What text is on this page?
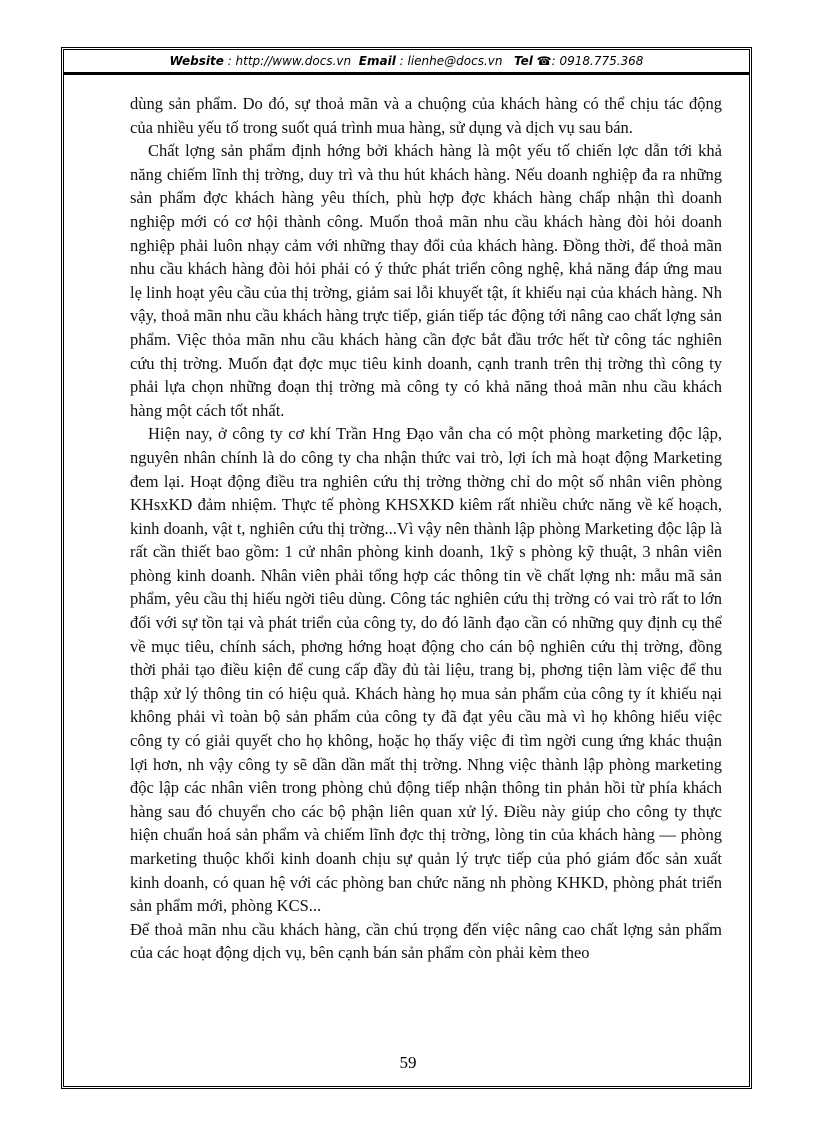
Website : http://www.docs.vn Email : lienhe@docs.vn Tel ☎: 0918.775.368

dùng sản phẩm. Do đó, sự thoả mãn và a chuộng của khách hàng có thể chịu tác động của nhiều yếu tố trong suốt quá trình mua hàng, sử dụng và dịch vụ sau bán.

Chất lợng sản phẩm định hớng bởi khách hàng là một yếu tố chiến lợc dẫn tới khả năng chiếm lĩnh thị trờng, duy trì và thu hút khách hàng. Nếu doanh nghiệp đa ra những sản phẩm đợc khách hàng yêu thích, phù hợp đợc khách hàng chấp nhận thì doanh nghiệp mới có cơ hội thành công. Muốn thoả mãn nhu cầu khách hàng đòi hỏi doanh nghiệp phải luôn nhạy cảm với những thay đổi của khách hàng. Đồng thời, để thoả mãn nhu cầu khách hàng đòi hỏi phải có ý thức phát triển công nghệ, khả năng đáp ứng mau lẹ linh hoạt yêu cầu của thị trờng, giảm sai lỗi khuyết tật, ít khiếu nại của khách hàng. Nh vậy, thoả mãn nhu cầu khách hàng trực tiếp, gián tiếp tác động tới nâng cao chất lợng sản phẩm. Việc thỏa mãn nhu cầu khách hàng cần đợc bắt đầu trớc hết từ công tác nghiên cứu thị trờng. Muốn đạt đợc mục tiêu kinh doanh, cạnh tranh trên thị trờng thì công ty phải lựa chọn những đoạn thị trờng mà công ty có khả năng thoả mãn nhu cầu khách hàng một cách tốt nhất.

Hiện nay, ở công ty cơ khí Trần Hng Đạo vẫn cha có một phòng marketing độc lập, nguyên nhân chính là do công ty cha nhận thức vai trò, lợi ích mà hoạt động Marketing đem lại. Hoạt động điều tra nghiên cứu thị trờng thờng chỉ do một số nhân viên phòng KHsxKD đảm nhiệm. Thực tế phòng KHSXKD kiêm rất nhiều chức năng về kế hoạch, kinh doanh, vật t, nghiên cứu thị trờng...Vì vậy nên thành lập phòng Marketing độc lập là rất cần thiết bao gồm: 1 cử nhân phòng kinh doanh, 1kỹ s phòng kỹ thuật, 3 nhân viên phòng kinh doanh. Nhân viên phải tổng hợp các thông tin về chất lợng nh: mẫu mã sản phẩm, yêu cầu thị hiếu ngời tiêu dùng. Công tác nghiên cứu thị trờng có vai trò rất to lớn đối với sự tồn tại và phát triển của công ty, do đó lãnh đạo cần có những quy định cụ thể về mục tiêu, chính sách, phơng hớng hoạt động cho cán bộ nghiên cứu thị trờng, đồng thời phải tạo điều kiện để cung cấp đầy đủ tài liệu, trang bị, phơng tiện làm việc để thu thập xử lý thông tin có hiệu quả. Khách hàng họ mua sản phẩm của công ty ít khiếu nại không phải vì toàn bộ sản phẩm của công ty đã đạt yêu cầu mà vì họ không hiểu việc công ty có giải quyết cho họ không, hoặc họ thấy việc đi tìm ngời cung ứng khác thuận lợi hơn, nh vậy công ty sẽ dần dần mất thị trờng. Nhng việc thành lập phòng marketing độc lập các nhân viên trong phòng chủ động tiếp nhận thông tin phản hồi từ phía khách hàng sau đó chuyển cho các bộ phận liên quan xử lý. Điều này giúp cho công ty thực hiện chuẩn hoá sản phẩm và chiếm lĩnh đợc thị trờng, lòng tin của khách hàng — phòng marketing thuộc khối kinh doanh chịu sự quản lý trực tiếp của phó giám đốc sản xuất kinh doanh, có quan hệ với các phòng ban chức năng nh phòng KHKD, phòng phát triển sản phẩm mới, phòng KCS...

Để thoả mãn nhu cầu khách hàng, cần chú trọng đến việc nâng cao chất lợng sản phẩm của các hoạt động dịch vụ, bên cạnh bán sản phẩm còn phải kèm theo

59
